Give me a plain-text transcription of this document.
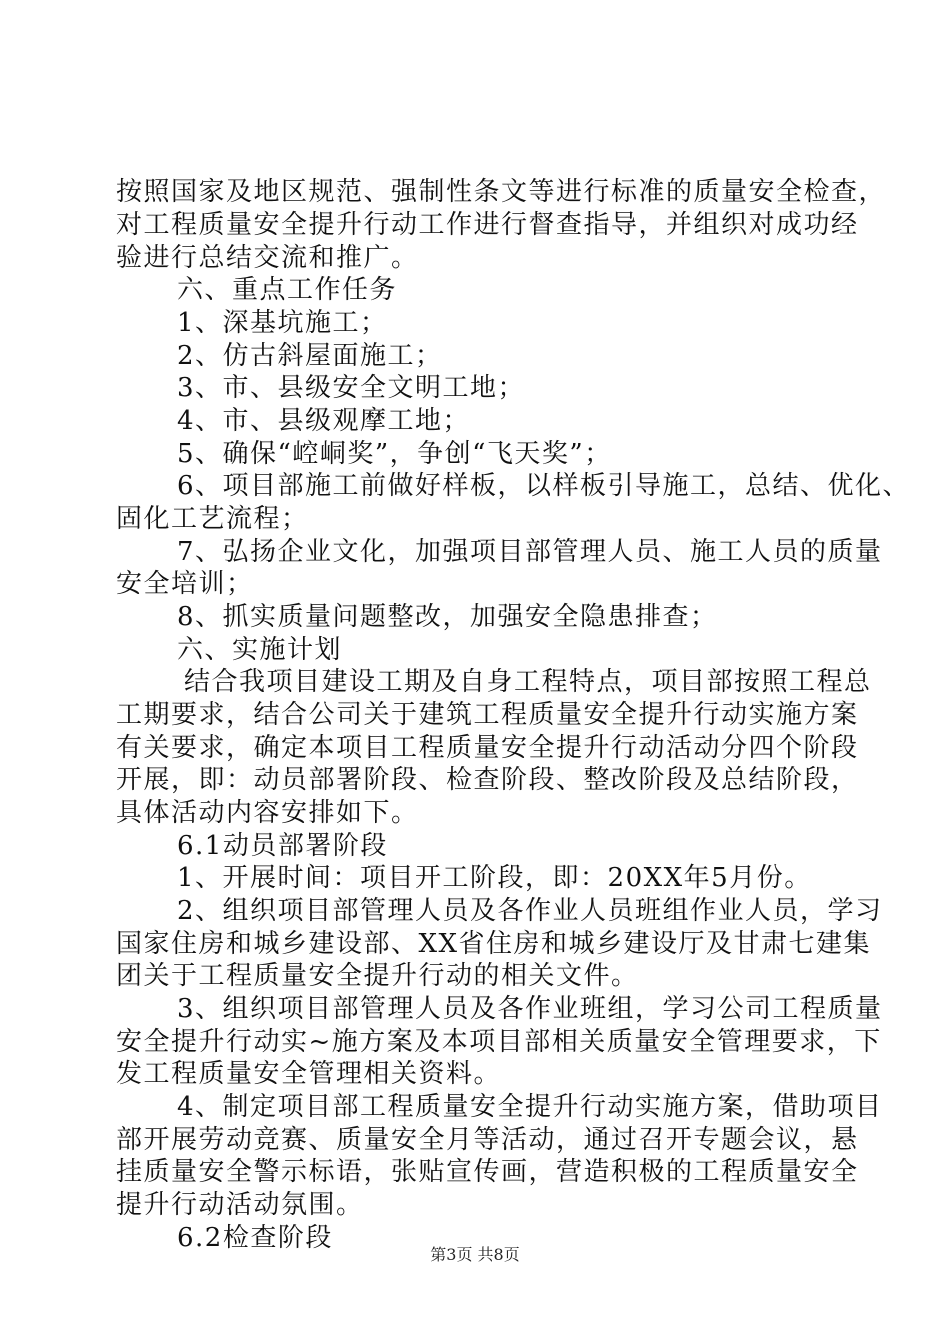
按照国家及地区规范、强制性条文等进行标准的质量安全检查，
对工程质量安全提升行动工作进行督查指导，并组织对成功经
验进行总结交流和推广。
六、重点工作任务
1、深基坑施工；
2、仿古斜屋面施工；
3、市、县级安全文明工地；
4、市、县级观摩工地；
5、确保“崆峒奖”，争创“飞天奖”；
6、项目部施工前做好样板，以样板引导施工，总结、优化、
固化工艺流程；
7、弘扬企业文化，加强项目部管理人员、施工人员的质量
安全培训；
8、抓实质量问题整改，加强安全隐患排查；
六、实施计划
结合我项目建设工期及自身工程特点，项目部按照工程总
工期要求，结合公司关于建筑工程质量安全提升行动实施方案
有关要求，确定本项目工程质量安全提升行动活动分四个阶段
开展，即：动员部署阶段、检查阶段、整改阶段及总结阶段，
具体活动内容安排如下。
6.1动员部署阶段
1、开展时间：项目开工阶段，即：20XX年5月份。
2、组织项目部管理人员及各作业人员班组作业人员，学习
国家住房和城乡建设部、XX省住房和城乡建设厅及甘肃七建集
团关于工程质量安全提升行动的相关文件。
3、组织项目部管理人员及各作业班组，学习公司工程质量
安全提升行动实~施方案及本项目部相关质量安全管理要求，下
发工程质量安全管理相关资料。
4、制定项目部工程质量安全提升行动实施方案，借助项目
部开展劳动竞赛、质量安全月等活动，通过召开专题会议，悬
挂质量安全警示标语，张贴宣传画，营造积极的工程质量安全
提升行动活动氛围。
6.2检查阶段
第3页 共8页
